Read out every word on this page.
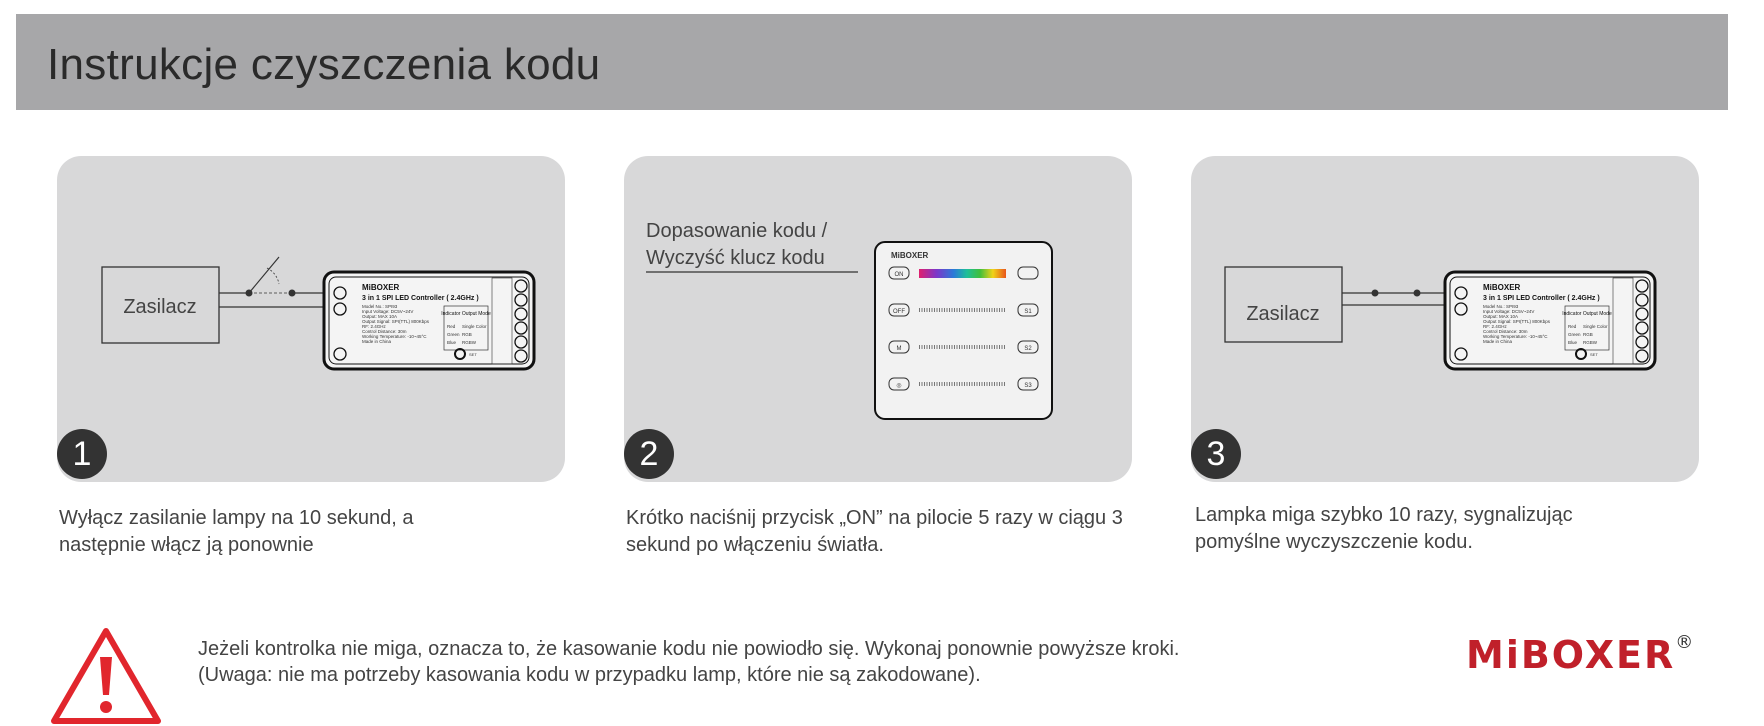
Instrukcje czyszczenia kodu
Zasilacz
MiBOXER
3 in 1 SPI LED Controller ( 2.4GHz )
Model No.: SPI93
Input Voltage: DC5V~24V
Output: MAX 10A
Output Signal: SPI(TTL) 800Kbps
RF: 2.4GHz
Control Distance: 30m
Working Temperature: -10~45°C
Made in China
Indicator Output Mode
Red Single Color
Green RGB
Blue RGBW
SET
1
Wyłącz zasilanie lampy na 10 sekund, a
następnie włącz ją ponownie
Dopasowanie kodu /
Wyczyść klucz kodu	MiBOXER
ON
OFF	S1
M	S2
◎	S3
2
Krótko naciśnij przycisk „ON” na pilocie 5 razy w ciągu 3
sekund po włączeniu światła.
Zasilacz
MiBOXER
3 in 1 SPI LED Controller ( 2.4GHz )
Model No.: SPI93
Input Voltage: DC5V~24V
Output: MAX 10A
Output Signal: SPI(TTL) 800Kbps
RF: 2.4GHz
Control Distance: 30m
Working Temperature: -10~45°C
Made in China
Indicator Output Mode
Red Single Color
Green RGB
Blue RGBW
SET
3
Lampka miga szybko 10 razy, sygnalizując
pomyślne wyczyszczenie kodu.
Jeżeli kontrolka nie miga, oznacza to, że kasowanie kodu nie powiodło się. Wykonaj ponownie powyższe kroki.
(Uwaga: nie ma potrzeby kasowania kodu w przypadku lamp, które nie są zakodowane).	MiBOXER®
